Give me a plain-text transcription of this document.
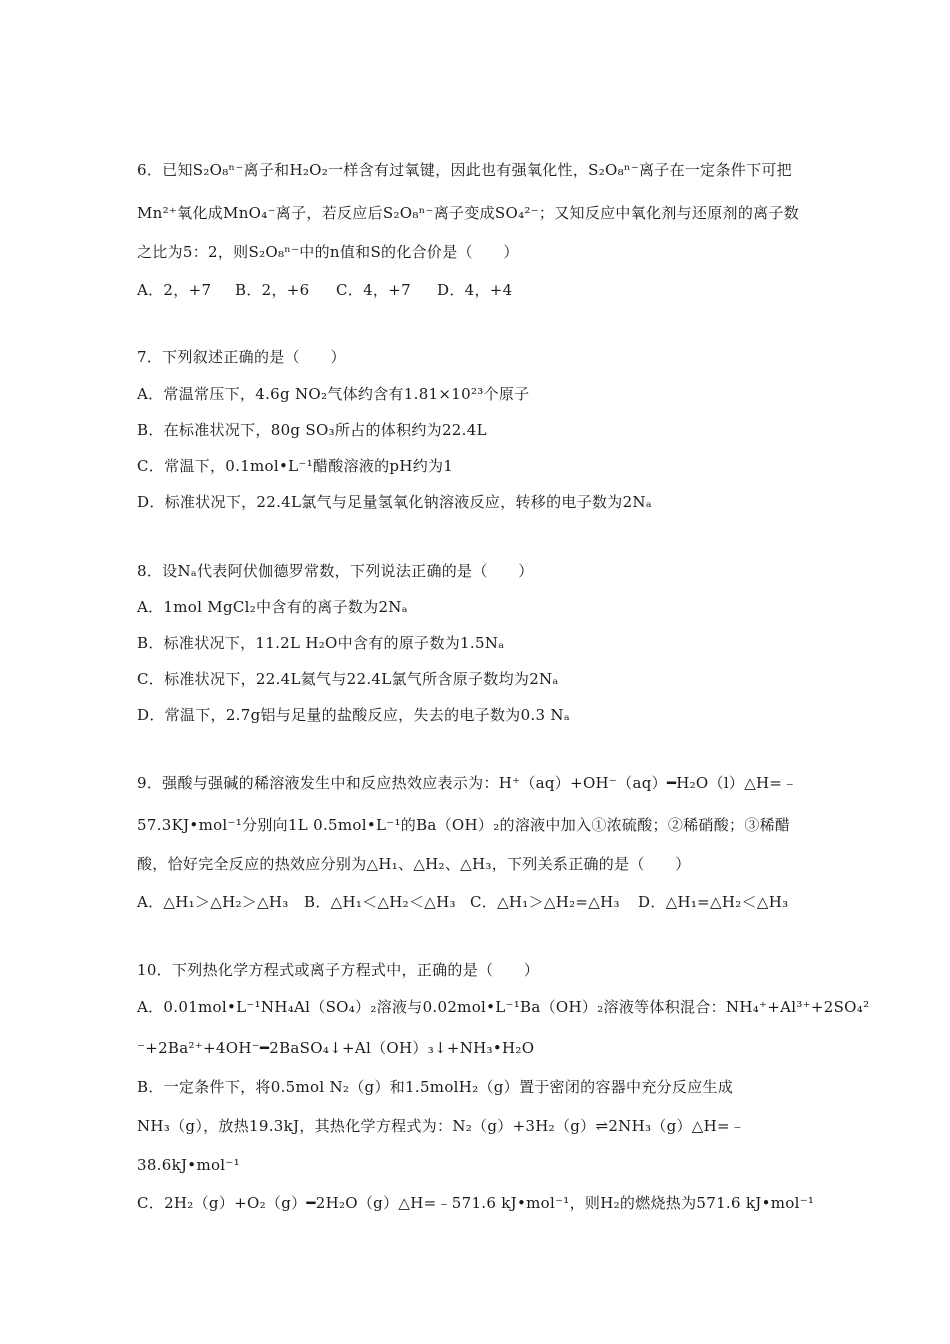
6．已知S₂O₈ⁿ⁻离子和H₂O₂一样含有过氧键，因此也有强氧化性，S₂O₈ⁿ⁻离子在一定条件下可把
Mn²⁺氧化成MnO₄⁻离子，若反应后S₂O₈ⁿ⁻离子变成SO₄²⁻；又知反应中氧化剂与还原剂的离子数
之比为5：2，则S₂O₈ⁿ⁻中的n值和S的化合价是（　　）
A．2，+7 B．2，+6 C．4，+7 D．4，+4
7．下列叙述正确的是（　　）
A．常温常压下，4.6g NO₂气体约含有1.81×10²³个原子
B．在标准状况下，80g SO₃所占的体积约为22.4L
C．常温下，0.1mol•L⁻¹醋酸溶液的pH约为1
D．标准状况下，22.4L氯气与足量氢氧化钠溶液反应，转移的电子数为2Nₐ
8．设Nₐ代表阿伏伽德罗常数，下列说法正确的是（　　）
A．1mol MgCl₂中含有的离子数为2Nₐ
B．标准状况下，11.2L H₂O中含有的原子数为1.5Nₐ
C．标准状况下，22.4L氦气与22.4L氯气所含原子数均为2Nₐ
D．常温下，2.7g铝与足量的盐酸反应，失去的电子数为0.3 Nₐ
9．强酸与强碱的稀溶液发生中和反应热效应表示为：H⁺（aq）+OH⁻（aq）━H₂O（l）△H=﹣
57.3KJ•mol⁻¹分别向1L 0.5mol•L⁻¹的Ba（OH）₂的溶液中加入①浓硫酸；②稀硝酸；③稀醋
酸，恰好完全反应的热效应分别为△H₁、△H₂、△H₃，下列关系正确的是（　　）
A．△H₁＞△H₂＞△H₃ B．△H₁＜△H₂＜△H₃ C．△H₁＞△H₂=△H₃ D．△H₁=△H₂＜△H₃
10．下列热化学方程式或离子方程式中，正确的是（　　）
A．0.01mol•L⁻¹NH₄Al（SO₄）₂溶液与0.02mol•L⁻¹Ba（OH）₂溶液等体积混合：NH₄⁺+Al³⁺+2SO₄²
⁻+2Ba²⁺+4OH⁻━2BaSO₄↓+Al（OH）₃↓+NH₃•H₂O
B．一定条件下，将0.5mol N₂（g）和1.5molH₂（g）置于密闭的容器中充分反应生成
NH₃（g），放热19.3kJ，其热化学方程式为：N₂（g）+3H₂（g）⇌2NH₃（g）△H=﹣
38.6kJ•mol⁻¹
C．2H₂（g）+O₂（g）━2H₂O（g）△H=﹣571.6 kJ•mol⁻¹，则H₂的燃烧热为571.6 kJ•mol⁻¹
